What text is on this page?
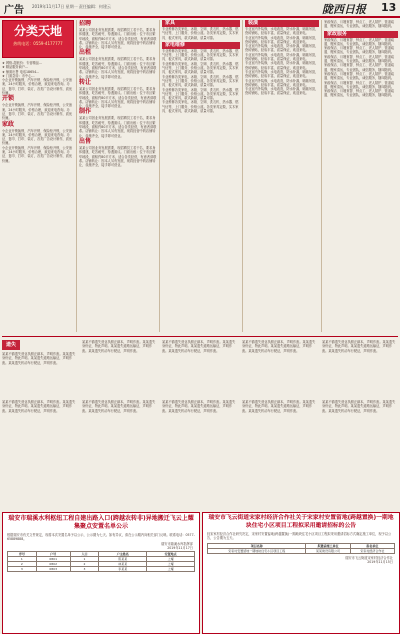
广告 2019年11月17日 星期一 责任编辑：何建云	陇西日报 13
分类天地
热线电话：0559-4177777
★ 网格-超低价：专营精品…
★ 精品服务商户…
★ 铺面出售 电话18654…
★ 门面急转：市中心…
小企业开锁换锁、汽车开锁、保险柜开锁，公安备案，24小时服务，价格合理，欢迎来电咨询。办证、复印、打印、装订，各类广告设计制作，质优价廉。
开锁
小企业开锁换锁、汽车开锁、保险柜开锁，公安备案，24小时服务，价格合理，欢迎来电咨询。办证、复印、打印、装订，各类广告设计制作，质优价廉。
家政
小企业开锁换锁、汽车开锁、保险柜开锁，公安备案，24小时服务，价格合理，欢迎来电咨询。办证、复印、打印、装订，各类广告设计制作，质优价廉。
小企业开锁换锁、汽车开锁、保险柜开锁，公安备案，24小时服务，价格合理，欢迎来电咨询。办证、复印、打印、装订，各类广告设计制作，质优价廉。
招聘
某某公司因业务发展需要，现招聘员工若干名，要求身体健康，吃苦耐劳，待遇面议。门面出租：位于市区繁华地段，面积约80平方米，适合各类经营，有意者请联系。店铺转让：因本人另有发展，现将经营中的店铺转让，设施齐全，接手即可营业。
出租
某某公司因业务发展需要，现招聘员工若干名，要求身体健康，吃苦耐劳，待遇面议。门面出租：位于市区繁华地段，面积约80平方米，适合各类经营，有意者请联系。店铺转让：因本人另有发展，现将经营中的店铺转让，设施齐全，接手即可营业。
转让
某某公司因业务发展需要，现招聘员工若干名，要求身体健康，吃苦耐劳，待遇面议。门面出租：位于市区繁华地段，面积约80平方米，适合各类经营，有意者请联系。店铺转让：因本人另有发展，现将经营中的店铺转让，设施齐全，接手即可营业。
制作
某某公司因业务发展需要，现招聘员工若干名，要求身体健康，吃苦耐劳，待遇面议。门面出租：位于市区繁华地段，面积约80平方米，适合各类经营，有意者请联系。店铺转让：因本人另有发展，现将经营中的店铺转让，设施齐全，接手即可营业。
出售
某某公司因业务发展需要，现招聘员工若干名，要求身体健康，吃苦耐劳，待遇面议。门面出租：位于市区繁华地段，面积约80平方米，适合各类经营，有意者请联系。店铺转让：因本人另有发展，现将经营中的店铺转让，设施齐全，接手即可营业。
家具
专业维修各类家电，冰箱、空调、洗衣机、热水器、燃气灶等，上门服务，价格公道。各类家具定做，实木家具、板式家具，款式新颖，质量可靠。
家电维修
专业维修各类家电，冰箱、空调、洗衣机、热水器、燃气灶等，上门服务，价格公道。各类家具定做，实木家具、板式家具，款式新颖，质量可靠。
专业维修各类家电，冰箱、空调、洗衣机、热水器、燃气灶等，上门服务，价格公道。各类家具定做，实木家具、板式家具，款式新颖，质量可靠。
专业维修各类家电，冰箱、空调、洗衣机、热水器、燃气灶等，上门服务，价格公道。各类家具定做，实木家具、板式家具，款式新颖，质量可靠。
专业维修各类家电，冰箱、空调、洗衣机、热水器、燃气灶等，上门服务，价格公道。各类家具定做，实木家具、板式家具，款式新颖，质量可靠。
专业维修各类家电，冰箱、空调、洗衣机、热水器、燃气灶等，上门服务，价格公道。各类家具定做，实木家具、板式家具，款式新颖，质量可靠。
装潢
专业室内外装修，水电改造，防水补漏，刷墙吊顶，瓷砖铺贴，经验丰富，质量保证，欢迎来电。
专业室内外装修，水电改造，防水补漏，刷墙吊顶，瓷砖铺贴，经验丰富，质量保证，欢迎来电。
专业室内外装修，水电改造，防水补漏，刷墙吊顶，瓷砖铺贴，经验丰富，质量保证，欢迎来电。
专业室内外装修，水电改造，防水补漏，刷墙吊顶，瓷砖铺贴，经验丰富，质量保证，欢迎来电。
专业室内外装修，水电改造，防水补漏，刷墙吊顶，瓷砖铺贴，经验丰富，质量保证，欢迎来电。
专业室内外装修，水电改造，防水补漏，刷墙吊顶，瓷砖铺贴，经验丰富，质量保证，欢迎来电。
专业室内外装修，水电改造，防水补漏，刷墙吊顶，瓷砖铺贴，经验丰富，质量保证，欢迎来电。
专业室内外装修，水电改造，防水补漏，刷墙吊顶，瓷砖铺贴，经验丰富，质量保证，欢迎来电。
家政保洁、月嫂育婴、钟点工、老人陪护、管道疏通、搬家清运，专业团队，诚信服务，随叫随到。
家政服务
家政保洁、月嫂育婴、钟点工、老人陪护、管道疏通、搬家清运，专业团队，诚信服务，随叫随到。
家政保洁、月嫂育婴、钟点工、老人陪护、管道疏通、搬家清运，专业团队，诚信服务，随叫随到。
家政保洁、月嫂育婴、钟点工、老人陪护、管道疏通、搬家清运，专业团队，诚信服务，随叫随到。
家政保洁、月嫂育婴、钟点工、老人陪护、管道疏通、搬家清运，专业团队，诚信服务，随叫随到。
家政保洁、月嫂育婴、钟点工、老人陪护、管道疏通、搬家清运，专业团队，诚信服务，随叫随到。
家政保洁、月嫂育婴、钟点工、老人陪护、管道疏通、搬家清运，专业团队，诚信服务，随叫随到。
家政保洁、月嫂育婴、钟点工、老人陪护、管道疏通、搬家清运，专业团队，诚信服务，随叫随到。
遗失
某某不慎遗失营业执照正副本，声明作废。某某遗失身份证，特此声明。某某遗失道路运输证，声明作废。某某遗失机动车行驶证，声明作废。
某某不慎遗失营业执照正副本，声明作废。某某遗失身份证，特此声明。某某遗失道路运输证，声明作废。某某遗失机动车行驶证，声明作废。
某某不慎遗失营业执照正副本，声明作废。某某遗失身份证，特此声明。某某遗失道路运输证，声明作废。某某遗失机动车行驶证，声明作废。
某某不慎遗失营业执照正副本，声明作废。某某遗失身份证，特此声明。某某遗失道路运输证，声明作废。某某遗失机动车行驶证，声明作废。
某某不慎遗失营业执照正副本，声明作废。某某遗失身份证，特此声明。某某遗失道路运输证，声明作废。某某遗失机动车行驶证，声明作废。
某某不慎遗失营业执照正副本，声明作废。某某遗失身份证，特此声明。某某遗失道路运输证，声明作废。某某遗失机动车行驶证，声明作废。
某某不慎遗失营业执照正副本，声明作废。某某遗失身份证，特此声明。某某遗失道路运输证，声明作废。某某遗失机动车行驶证，声明作废。
某某不慎遗失营业执照正副本，声明作废。某某遗失身份证，特此声明。某某遗失道路运输证，声明作废。某某遗失机动车行驶证，声明作废。
某某不慎遗失营业执照正副本，声明作废。某某遗失身份证，特此声明。某某遗失道路运输证，声明作废。某某遗失机动车行驶证，声明作废。
某某不慎遗失营业执照正副本，声明作废。某某遗失身份证，特此声明。某某遗失道路运输证，声明作废。某某遗失机动车行驶证，声明作废。
瑞安市瑞溪水利枢纽工程自建出路入口(跨越农转非)异地搬迁飞云上耀集聚点安置名单公示
根据瑞安市有关文件规定，现将本次安置名单予以公示，公示期为七天。如有异议，请在公示期内向相关部门反映。联系电话：0577-65889888。
瑞安市瑞溪水库指挥部
2019年11月17日
序号	户号	人口	户主姓名	安置地点
1	0801	1	陈某某	上耀
2	0802	2	林某某	上耀
3	0803	3	李某某	上耀
瑞安市飞云街道宋家村经济合作社关于宋家村安置留地(跨越置换)一期地块住宅小区项目工程拟采用邀请招标的公告
经宋家村经济合作社研究决定，宋家村安置留地(跨越置换)一期地块住宅小区项目工程拟采用邀请招标方式确定施工单位，现予以公告，公告期为五天。
项目名称	拟邀请施工单位	报名单位
宋家村安置留地一期地块住宅小区项目工程	某某建设有限公司	宋家村经济合作社
瑞安市飞云街道宋家村经济合作社
2019年11月15日
